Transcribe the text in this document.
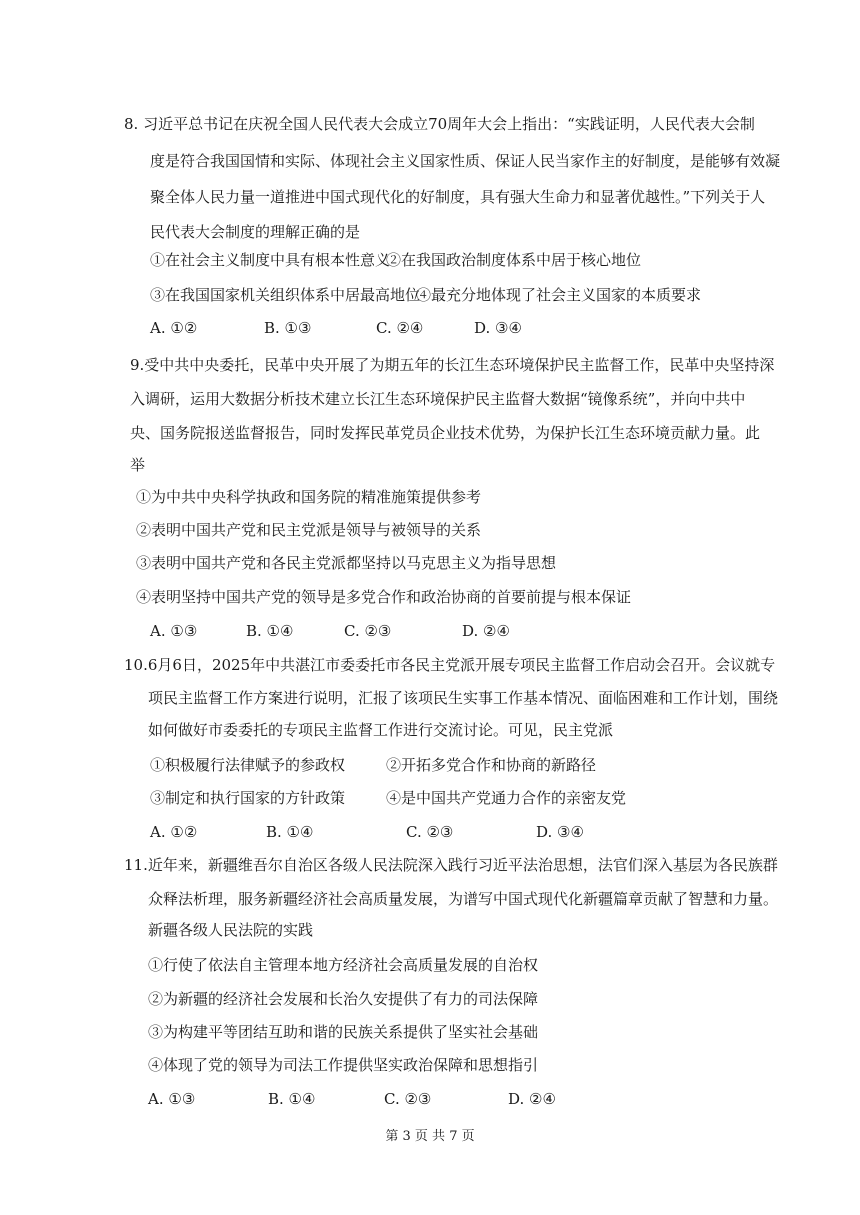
8. 习近平总书记在庆祝全国人民代表大会成立70周年大会上指出：“实践证明，人民代表大会制
度是符合我国国情和实际、体现社会主义国家性质、保证人民当家作主的好制度，是能够有效凝
聚全体人民力量一道推进中国式现代化的好制度，具有强大生命力和显著优越性。”下列关于人
民代表大会制度的理解正确的是
①在社会主义制度中具有根本性意义
②在我国政治制度体系中居于核心地位
③在我国国家机关组织体系中居最高地位
④最充分地体现了社会主义国家的本质要求
A. ①②	B. ①③	C. ②④	D. ③④
9.受中共中央委托，民革中央开展了为期五年的长江生态环境保护民主监督工作，民革中央坚持深
入调研，运用大数据分析技术建立长江生态环境保护民主监督大数据“镜像系统”，并向中共中
央、国务院报送监督报告，同时发挥民革党员企业技术优势，为保护长江生态环境贡献力量。此
举
①为中共中央科学执政和国务院的精准施策提供参考
②表明中国共产党和民主党派是领导与被领导的关系
③表明中国共产党和各民主党派都坚持以马克思主义为指导思想
④表明坚持中国共产党的领导是多党合作和政治协商的首要前提与根本保证
A. ①③	B. ①④	C. ②③	D. ②④
10.6月6日，2025年中共湛江市委委托市各民主党派开展专项民主监督工作启动会召开。会议就专
项民主监督工作方案进行说明，汇报了该项民生实事工作基本情况、面临困难和工作计划，围绕
如何做好市委委托的专项民主监督工作进行交流讨论。可见，民主党派
①积极履行法律赋予的参政权	②开拓多党合作和协商的新路径
③制定和执行国家的方针政策	④是中国共产党通力合作的亲密友党
A. ①②	B. ①④	C. ②③	D. ③④
11.近年来，新疆维吾尔自治区各级人民法院深入践行习近平法治思想，法官们深入基层为各民族群
众释法析理，服务新疆经济社会高质量发展，为谱写中国式现代化新疆篇章贡献了智慧和力量。
新疆各级人民法院的实践
①行使了依法自主管理本地方经济社会高质量发展的自治权
②为新疆的经济社会发展和长治久安提供了有力的司法保障
③为构建平等团结互助和谐的民族关系提供了坚实社会基础
④体现了党的领导为司法工作提供坚实政治保障和思想指引
A. ①③	B. ①④	C. ②③	D. ②④
第 3 页 共 7 页
